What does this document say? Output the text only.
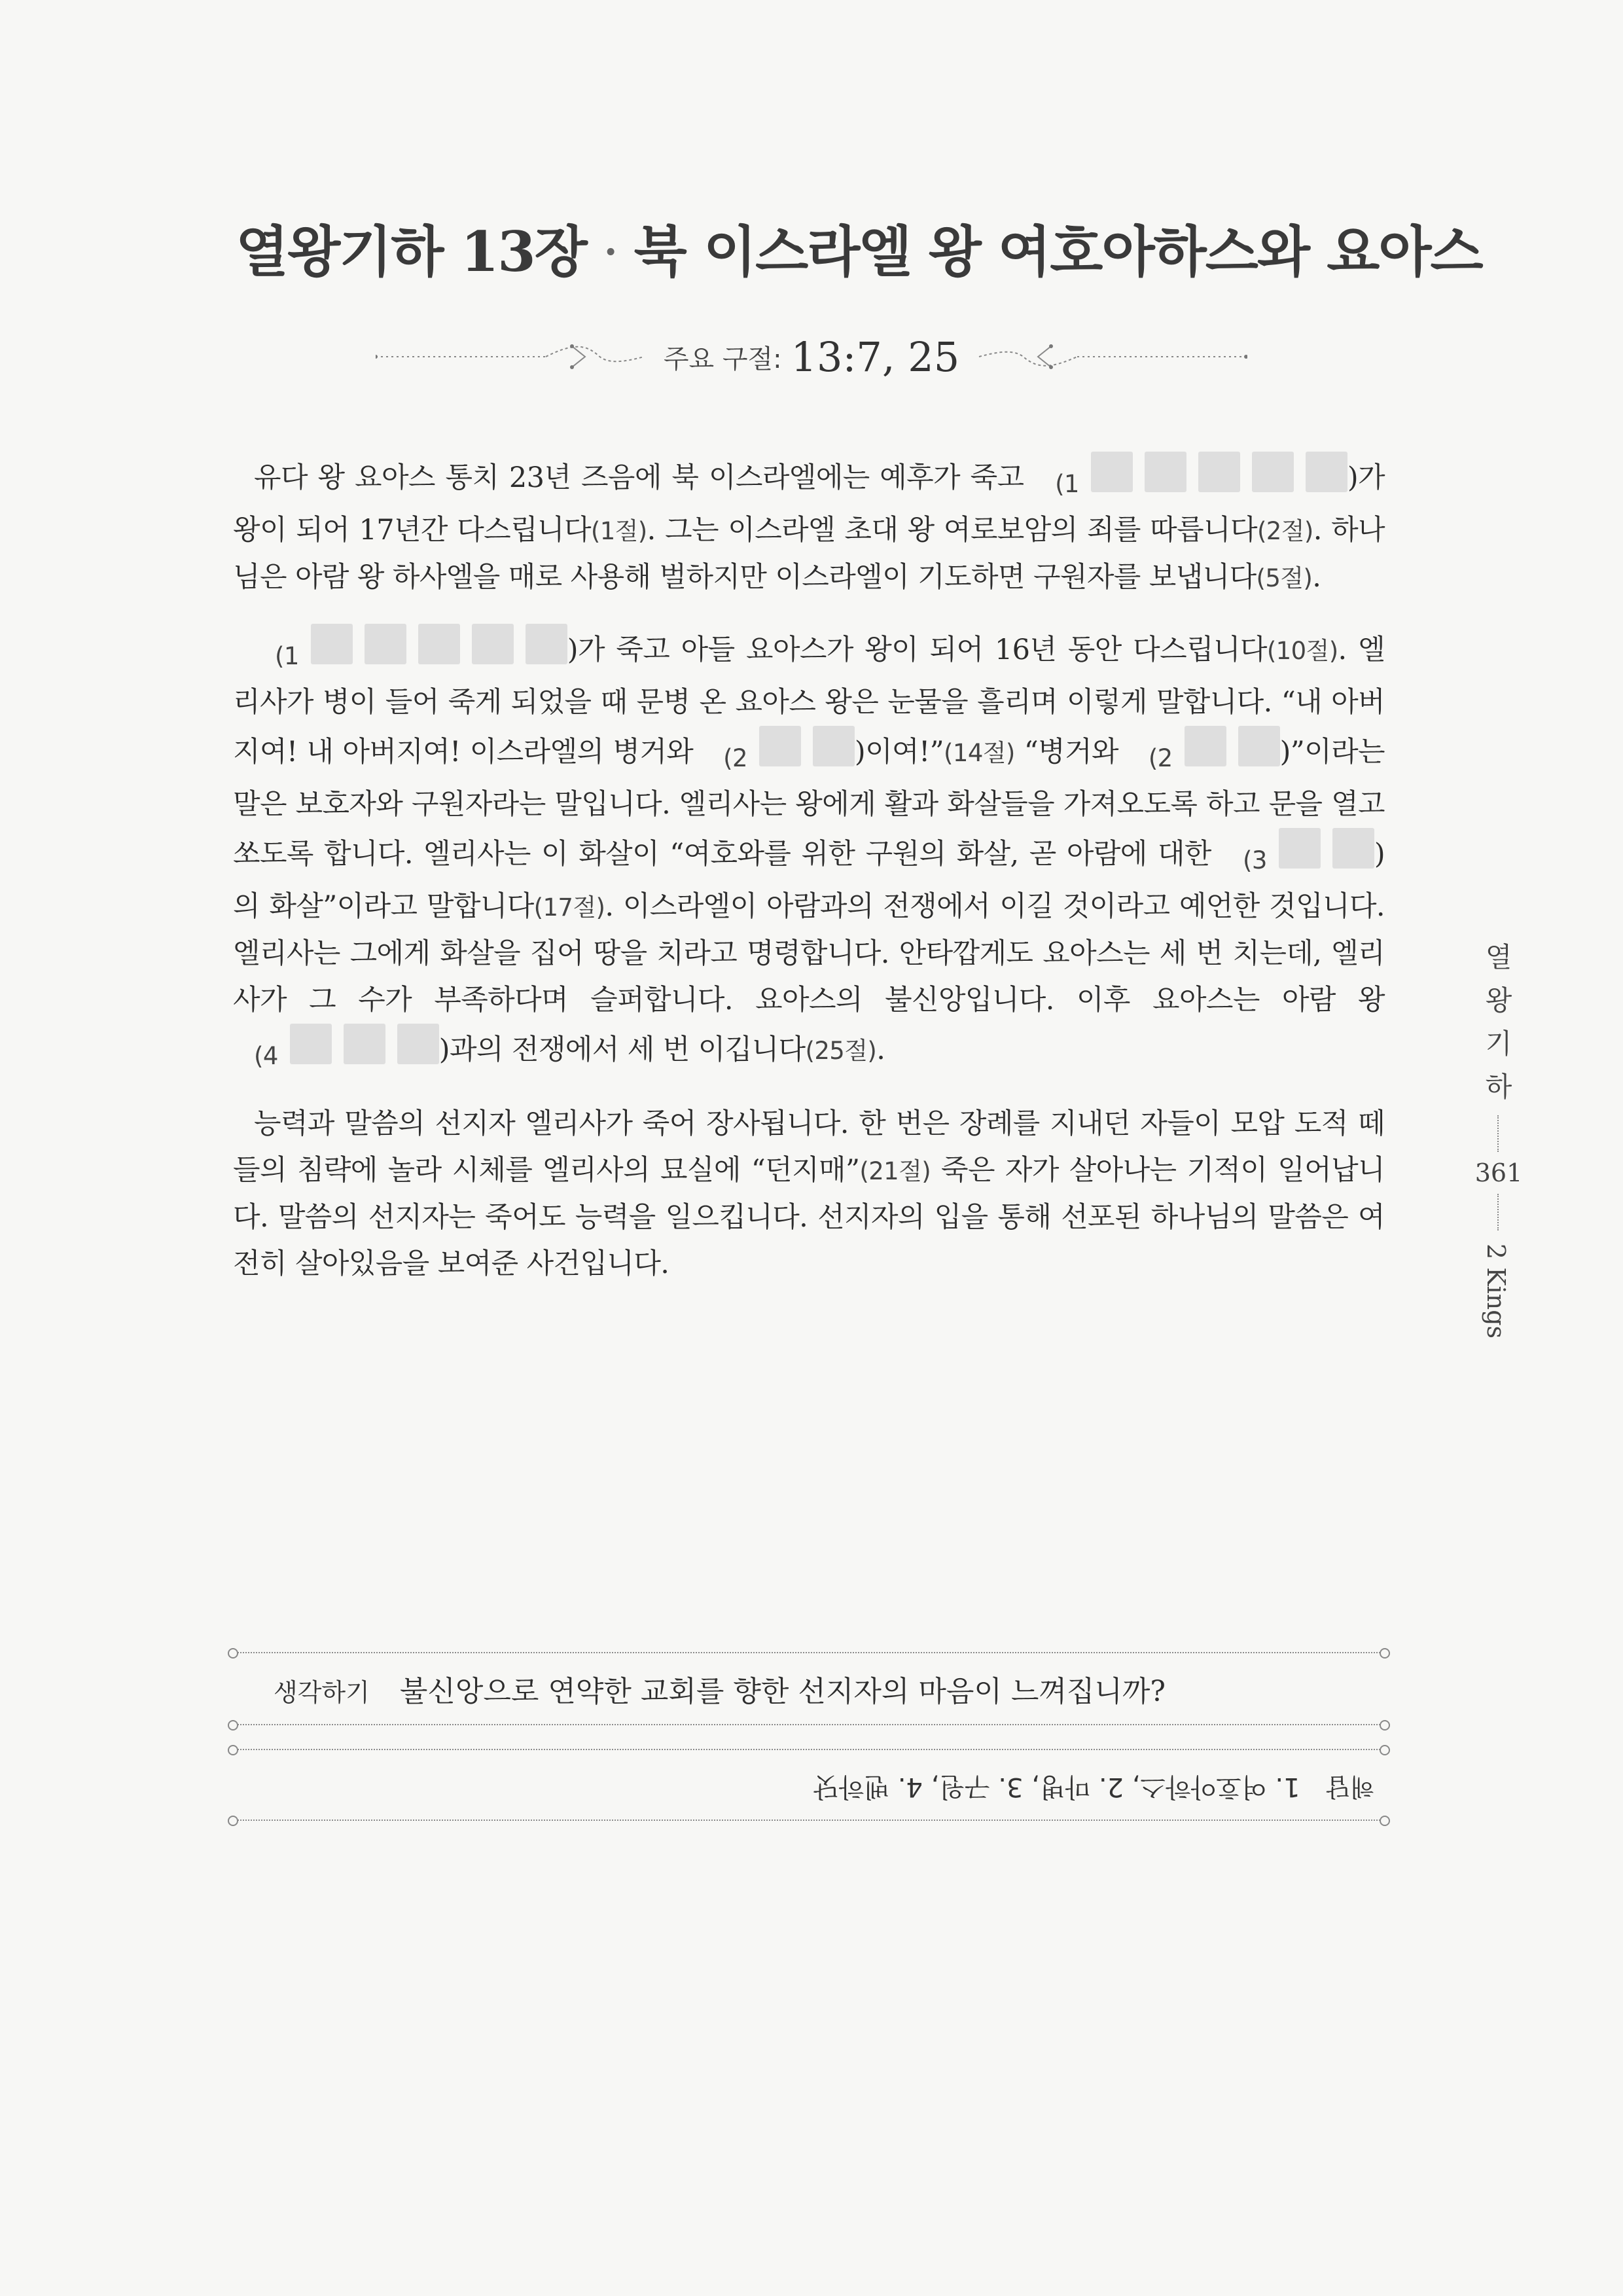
열왕기하 13장 · 북 이스라엘 왕 여호아하스와 요아스
주요 구절: 13:7, 25

유다 왕 요아스 통치 23년 즈음에 북 이스라엘에는 예후가 죽고 (1	)가 왕이 되어 17년간 다스립니다(1절). 그는 이스라엘 초대 왕 여로보암의 죄를 따릅니다(2절). 하나님은 아람 왕 하사엘을 매로 사용해 벌하지만 이스라엘이 기도하면 구원자를 보냅니다(5절).

(1	)가 죽고 아들 요아스가 왕이 되어 16년 동안 다스립니다(10절). 엘리사가 병이 들어 죽게 되었을 때 문병 온 요아스 왕은 눈물을 흘리며 이렇게 말합니다. “내 아버지여! 내 아버지여! 이스라엘의 병거와 (2	)이여!”(14절) “병거와 (2	)”이라는 말은 보호자와 구원자라는 말입니다. 엘리사는 왕에게 활과 화살들을 가져오도록 하고 문을 열고 쏘도록 합니다. 엘리사는 이 화살이 “여호와를 위한 구원의 화살, 곧 아람에 대한 (3	)의 화살”이라고 말합니다(17절). 이스라엘이 아람과의 전쟁에서 이길 것이라고 예언한 것입니다. 엘리사는 그에게 화살을 집어 땅을 치라고 명령합니다. 안타깝게도 요아스는 세 번 치는데, 엘리사가 그 수가 부족하다며 슬퍼합니다. 요아스의 불신앙입니다. 이후 요아스는 아람 왕 (4	)과의 전쟁에서 세 번 이깁니다(25절).

능력과 말씀의 선지자 엘리사가 죽어 장사됩니다. 한 번은 장례를 지내던 자들이 모압 도적 떼들의 침략에 놀라 시체를 엘리사의 묘실에 “던지매”(21절) 죽은 자가 살아나는 기적이 일어납니다. 말씀의 선지자는 죽어도 능력을 일으킵니다. 선지자의 입을 통해 선포된 하나님의 말씀은 여전히 살아있음을 보여준 사건입니다.

열
왕
기
하
361
2 Kings
생각하기 불신앙으로 연약한 교회를 향한 선지자의 마음이 느껴집니까?
해답1. 여호아하스, 2. 마병, 3. 구원, 4. 벤하닷
